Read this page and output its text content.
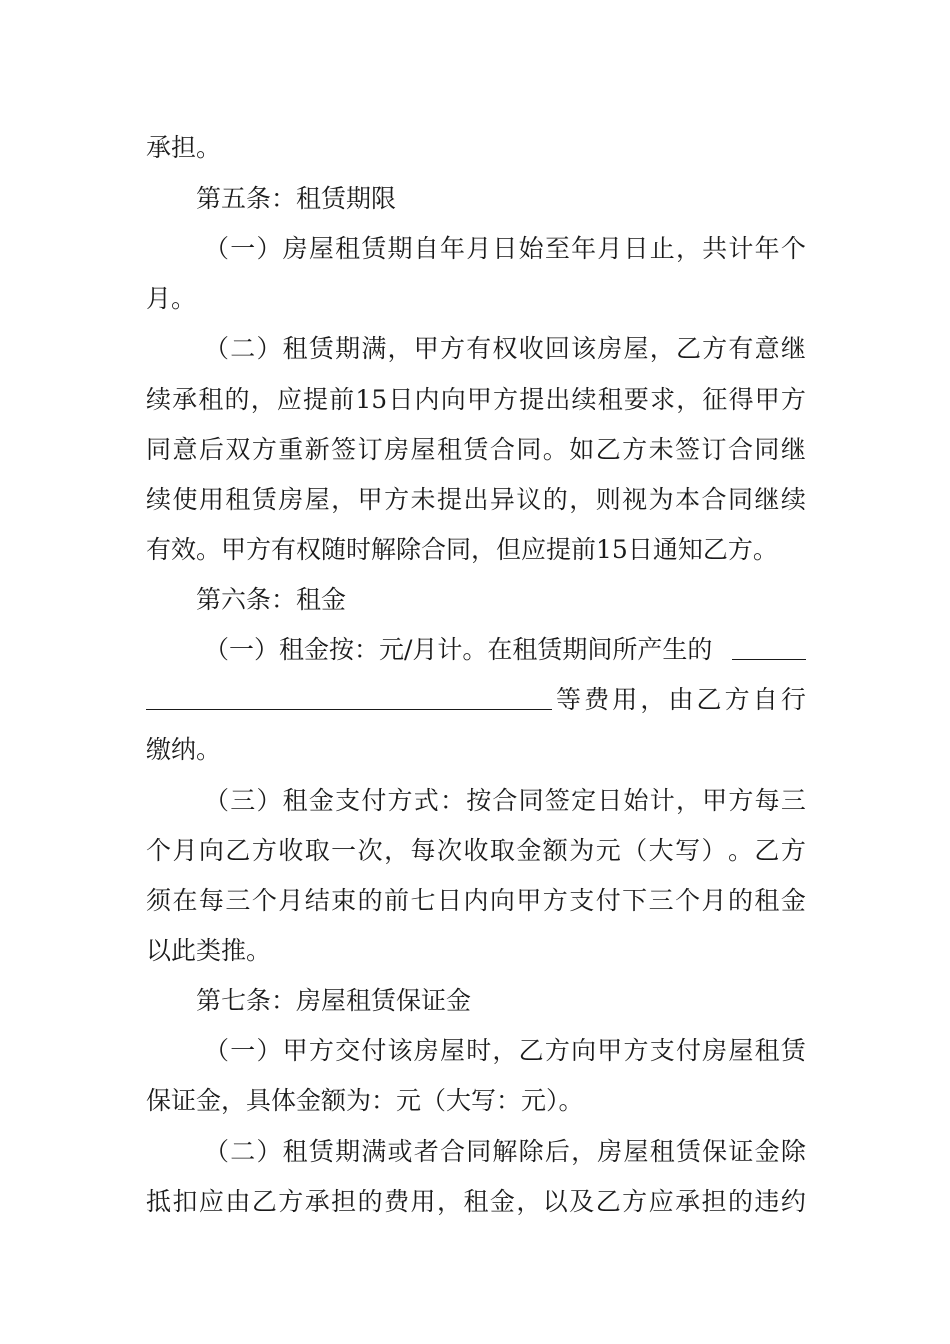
承担。
第五条：租赁期限
（ 一 ） 房 屋 租 赁 期 自 年 月 日 始 至 年 月 日 止 ， 共 计 年 个
月。
（ 二 ） 租 赁 期 满 ， 甲 方 有 权 收 回 该 房 屋 ， 乙 方 有 意 继
续 承 租 的 ， 应 提 前 15 日 内 向 甲 方 提 出 续 租 要 求 ， 征 得 甲 方
同 意 后 双 方 重 新 签 订 房 屋 租 赁 合 同 。 如 乙 方 未 签 订 合 同 继
续 使 用 租 赁 房 屋 ， 甲 方 未 提 出 异 议 的 ， 则 视 为 本 合 同 继 续
有效。甲方有权随时解除合同，但应提前15日通知乙方。
第六条：租金
（一）租金按：元/月计。在租赁期间所产生的
等 费 用 ， 由 乙 方 自 行
缴纳。
（ 三 ） 租 金 支 付 方 式 ： 按 合 同 签 定 日 始 计 ， 甲 方 每 三
个 月 向 乙 方 收 取 一 次 ， 每 次 收 取 金 额 为 元 （ 大 写 ） 。 乙 方
须 在 每 三 个 月 结 束 的 前 七 日 内 向 甲 方 支 付 下 三 个 月 的 租 金
以此类推。
第七条：房屋租赁保证金
（ 一 ） 甲 方 交 付 该 房 屋 时 ， 乙 方 向 甲 方 支 付 房 屋 租 赁
保证金，具体金额为：元（大写：元）。
（ 二 ） 租 赁 期 满 或 者 合 同 解 除 后 ， 房 屋 租 赁 保 证 金 除
抵 扣 应 由 乙 方 承 担 的 费 用 ， 租 金 ， 以 及 乙 方 应 承 担 的 违 约
